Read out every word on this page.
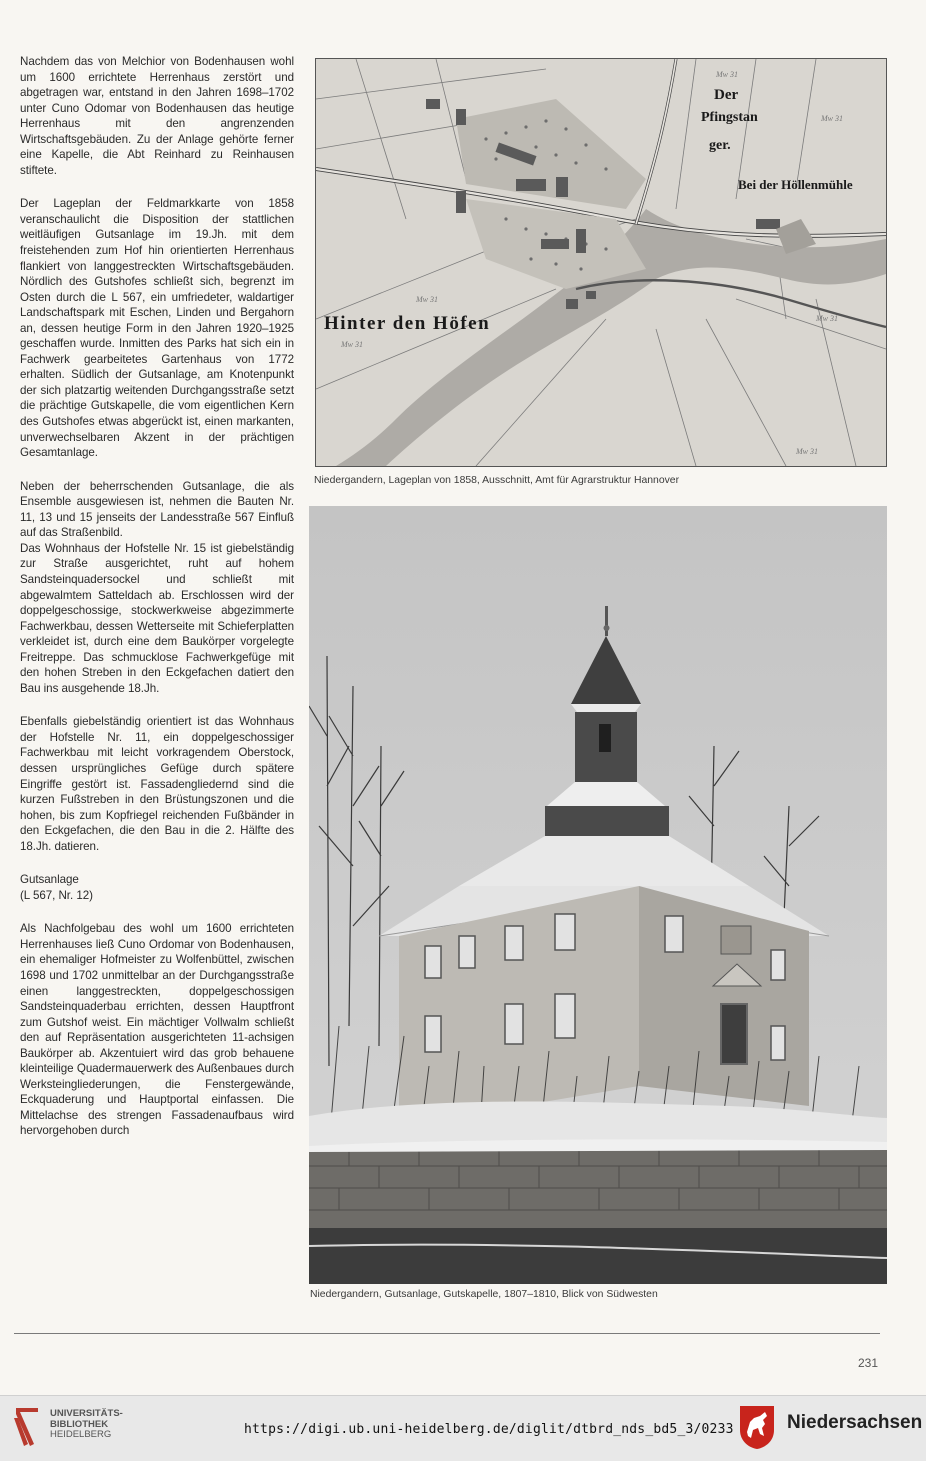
Nachdem das von Melchior von Bodenhausen wohl um 1600 errichtete Herrenhaus zerstört und abgetragen war, entstand in den Jahren 1698–1702 unter Cuno Odomar von Bodenhausen das heutige Herrenhaus mit den angrenzenden Wirtschaftsgebäuden. Zu der Anlage gehörte ferner eine Kapelle, die Abt Reinhard zu Reinhausen stiftete.

Der Lageplan der Feldmarkkarte von 1858 veranschaulicht die Disposition der stattlichen weitläufigen Gutsanlage im 19.Jh. mit dem freistehenden zum Hof hin orientierten Herrenhaus flankiert von langgestreckten Wirtschaftsgebäuden. Nördlich des Gutshofes schließt sich, begrenzt im Osten durch die L 567, ein umfriedeter, waldartiger Landschaftspark mit Eschen, Linden und Bergahorn an, dessen heutige Form in den Jahren 1920–1925 geschaffen wurde. Inmitten des Parks hat sich ein in Fachwerk gearbeitetes Gartenhaus von 1772 erhalten. Südlich der Gutsanlage, am Knotenpunkt der sich platzartig weitenden Durchgangsstraße setzt die prächtige Gutskapelle, die vom eigentlichen Kern des Gutshofes etwas abgerückt ist, einen markanten, unverwechselbaren Akzent in der prächtigen Gesamtanlage.

Neben der beherrschenden Gutsanlage, die als Ensemble ausgewiesen ist, nehmen die Bauten Nr. 11, 13 und 15 jenseits der Landesstraße 567 Einfluß auf das Straßenbild.

Das Wohnhaus der Hofstelle Nr. 15 ist giebelständig zur Straße ausgerichtet, ruht auf hohem Sandsteinquadersockel und schließt mit abgewalmtem Satteldach ab. Erschlossen wird der doppelgeschossige, stockwerkweise abgezimmerte Fachwerkbau, dessen Wetterseite mit Schieferplatten verkleidet ist, durch eine dem Baukörper vorgelegte Freitreppe. Das schmucklose Fachwerkgefüge mit den hohen Streben in den Eckgefachen datiert den Bau ins ausgehende 18.Jh.

Ebenfalls giebelständig orientiert ist das Wohnhaus der Hofstelle Nr. 11, ein doppelgeschossiger Fachwerkbau mit leicht vorkragendem Oberstock, dessen ursprüngliches Gefüge durch spätere Eingriffe gestört ist. Fassadengliedernd sind die kurzen Fußstreben in den Brüstungszonen und die hohen, bis zum Kopfriegel reichenden Fußbänder in den Eckgefachen, die den Bau in die 2. Hälfte des 18.Jh. datieren.

Gutsanlage
(L 567, Nr. 12)

Als Nachfolgebau des wohl um 1600 errichteten Herrenhauses ließ Cuno Ordomar von Bodenhausen, ein ehemaliger Hofmeister zu Wolfenbüttel, zwischen 1698 und 1702 unmittelbar an der Durchgangsstraße einen langgestreckten, doppelgeschossigen Sandsteinquaderbau errichten, dessen Hauptfront zum Gutshof weist. Ein mächtiger Vollwalm schließt den auf Repräsentation ausgerichteten 11-achsigen Baukörper ab. Akzentuiert wird das grob behauene kleinteilige Quadermauerwerk des Außenbaues durch Werksteingliederungen, die Fenstergewände, Eckquaderung und Hauptportal einfassen. Die Mittelachse des strengen Fassadenaufbaus wird hervorgehoben durch

Mw 31
Mw 31
Mw 31
Mw 31
Mw 31
Mw 31
Der
Pfingstan
ger.
Bei der Höllenmühle
Hinter den Höfen
Niedergandern, Lageplan von 1858, Ausschnitt, Amt für Agrarstruktur Hannover
Niedergandern, Gutsanlage, Gutskapelle, 1807–1810, Blick von Südwesten
231
UNIVERSITÄTS-
BIBLIOTHEK
HEIDELBERG	https://digi.ub.uni-heidelberg.de/diglit/dtbrd_nds_bd5_3/0233	Niedersachsen
